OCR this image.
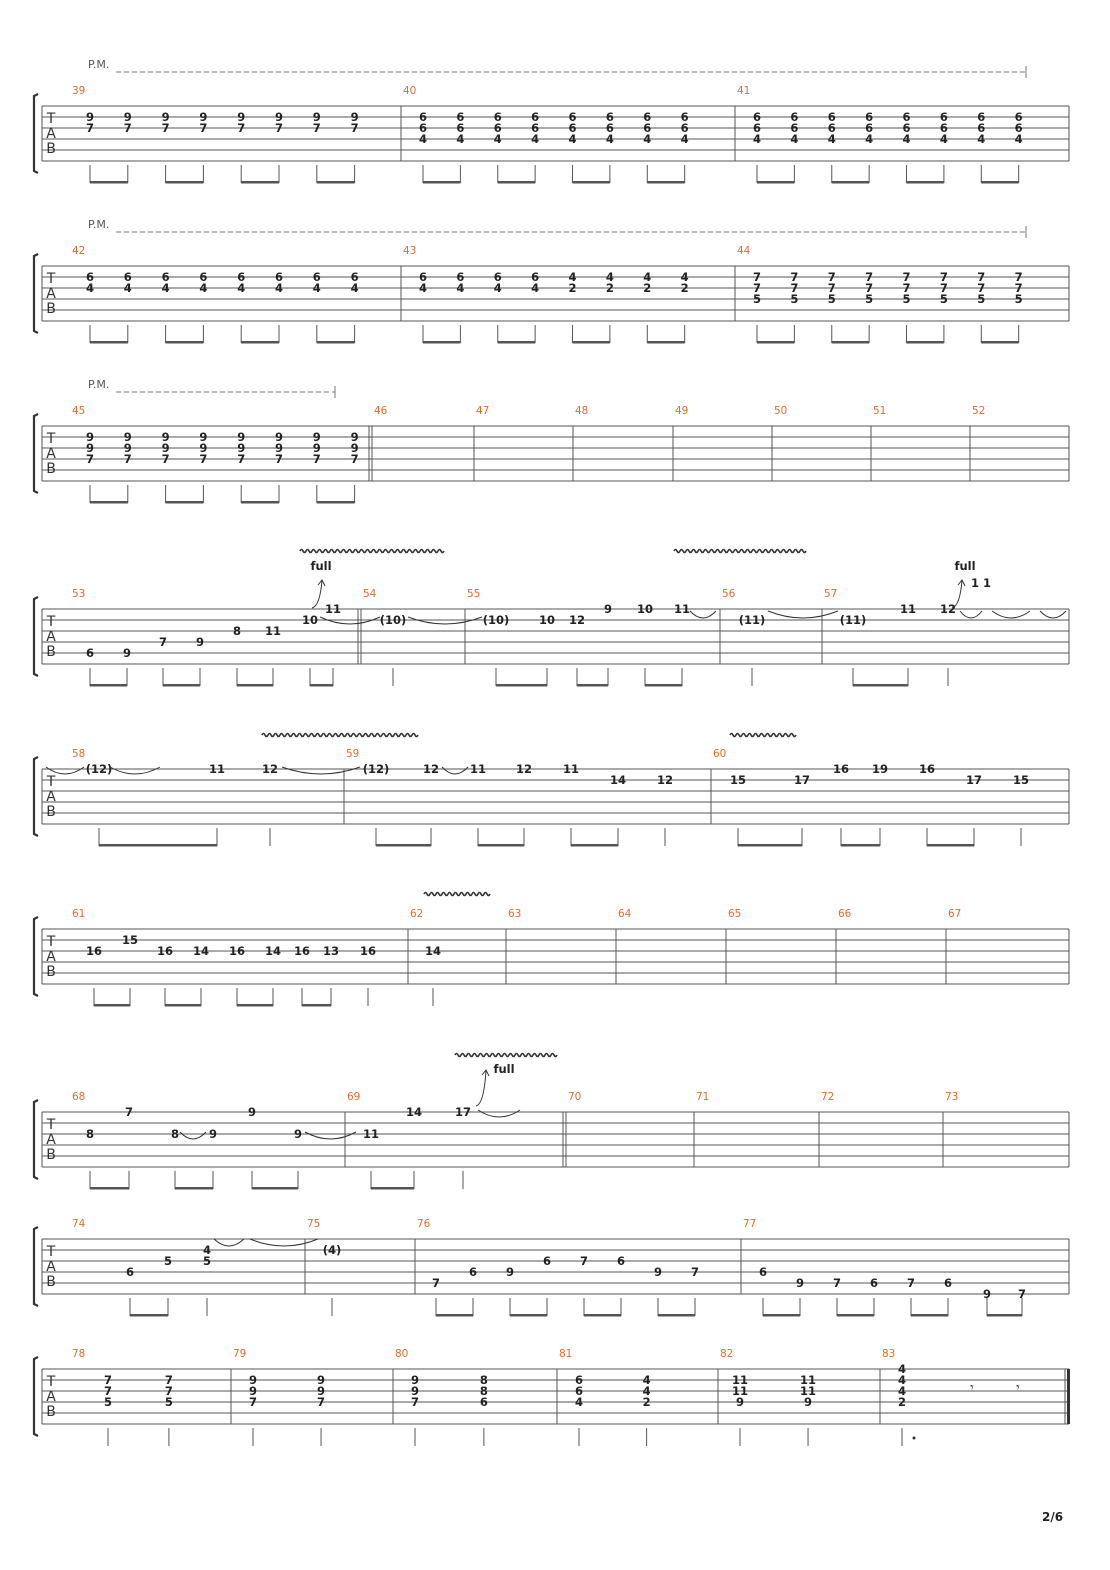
T
A
B
P.M.
39
9
7
9
7
9
7
9
7
9
7
9
7
9
7
9
7
40
6
6
4
6
6
4
6
6
4
6
6
4
6
6
4
6
6
4
6
6
4
6
6
4
41
6
6
4
6
6
4
6
6
4
6
6
4
6
6
4
6
6
4
6
6
4
6
6
4
T
A
B
P.M.
42
6
4
6
4
6
4
6
4
6
4
6
4
6
4
6
4
43
6
4
6
4
6
4
6
4
4
2
4
2
4
2
4
2
44
7
7
5
7
7
5
7
7
5
7
7
5
7
7
5
7
7
5
7
7
5
7
7
5
T
A
B
P.M.
45
9
9
7
9
9
7
9
9
7
9
9
7
9
9
7
9
9
7
9
9
7
9
9
7
46	47	48	49	50	51	52
T
A
B
53
6	9
7	9
8 11
10
11
54
(10)
55
(10)	10 12
9 10 11
56
(11)
57
(11)
11 12
1 1
T
A
B
58
(12)	11	12
59
(12)	12	11	12	11
14	12
60
15	17
16 19	16
17	15
T
A
B
61
16
15
16 14 16 14 16 13 16
62
14
63	64	65	66	67
T
A
B
68
8
7
8	9
9
9
69
11
14	17
70	71	72	73
T
A
B
74
6
5
4
5
75
(4)
76
7
6	9
6	7	6
9	7
77
6
9	7	6	7	6
9 7
T
A
B
78
7
7
5
7
7
5
79
9
9
7
9
9
7
80
9
9
7
8
8
6
81
6
6
4
4
4
2
82
11
11
9
11
11
9
83
4
4
4
2
𝄾	𝄾
full	full
full
2/6
